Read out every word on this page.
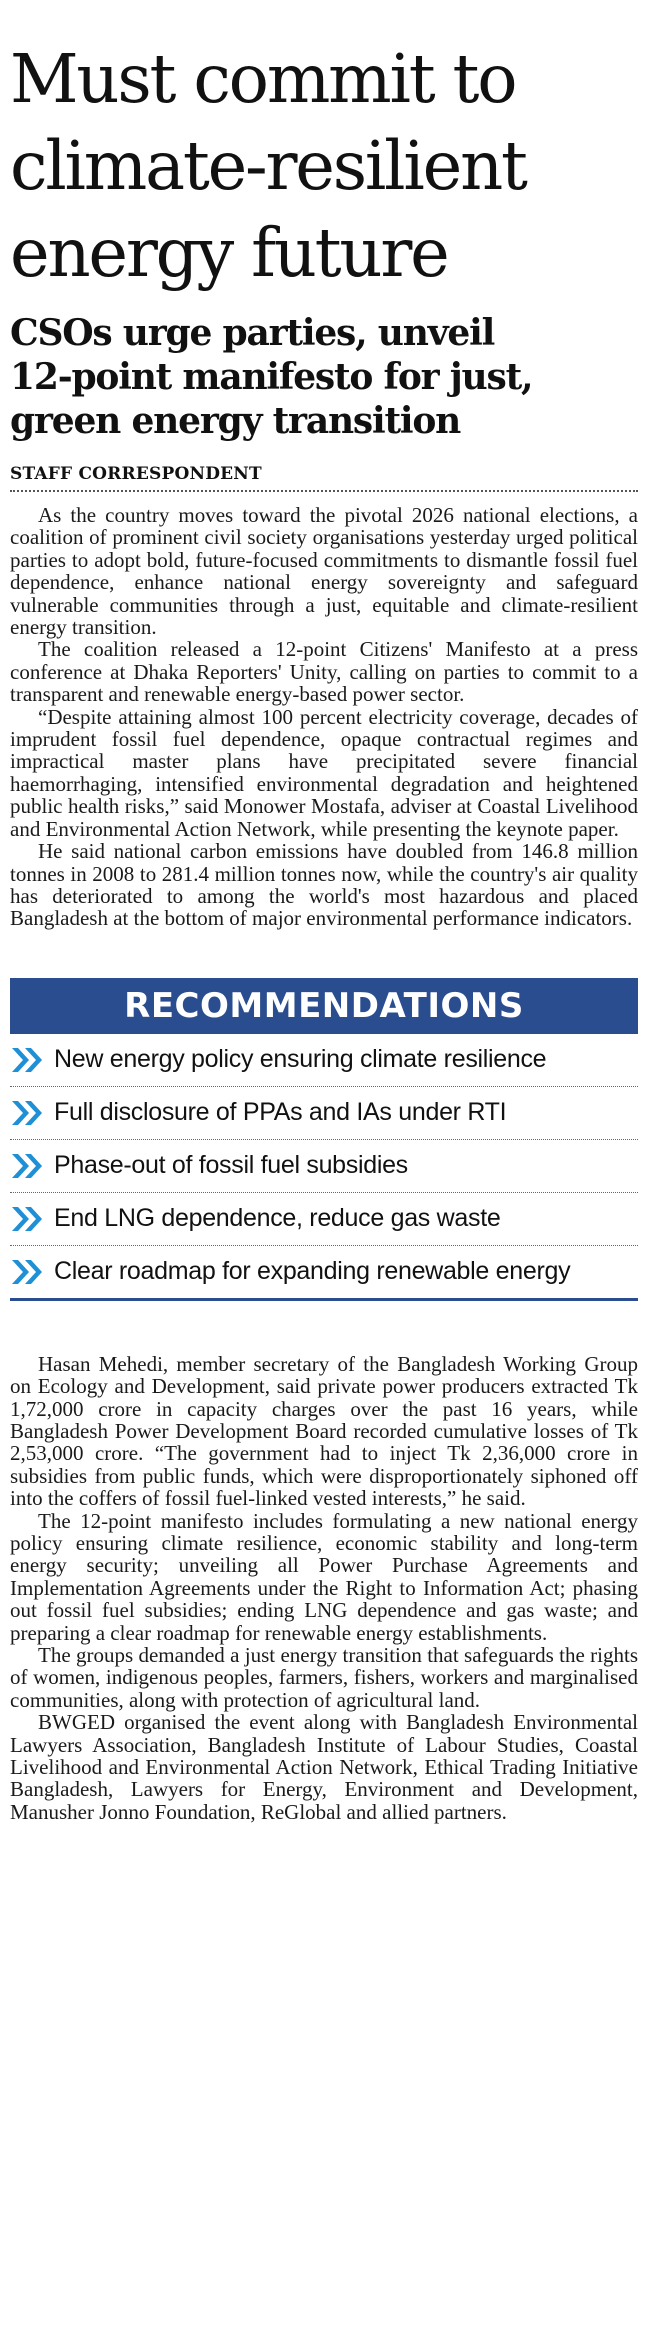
Must commit to
climate-resilient
energy future
CSOs urge parties, unveil
12-point manifesto for just,
green energy transition
STAFF CORRESPONDENT

As the country moves toward the pivotal 2026 national elections, a coalition of prominent civil society organisations yesterday urged political parties to adopt bold, future-focused commitments to dismantle fossil fuel dependence, enhance national energy sovereignty and safeguard vulnerable communities through a just, equitable and climate-resilient energy transition.

The coalition released a 12-point Citizens' Manifesto at a press conference at Dhaka Reporters' Unity, calling on parties to commit to a transparent and renewable energy-based power sector.

“Despite attaining almost 100 percent electricity coverage, decades of imprudent fossil fuel dependence, opaque contractual regimes and impractical master plans have precipitated severe financial haemorrhaging, intensified environmental degradation and heightened public health risks,” said Monower Mostafa, adviser at Coastal Livelihood and Environmental Action Network, while presenting the keynote paper.

He said national carbon emissions have doubled from 146.8 million tonnes in 2008 to 281.4 million tonnes now, while the country's air quality has deteriorated to among the world's most hazardous and placed Bangladesh at the bottom of major environmental performance indicators.

RECOMMENDATIONS
New energy policy ensuring climate resilience
Full disclosure of PPAs and IAs under RTI
Phase-out of fossil fuel subsidies
End LNG dependence, reduce gas waste
Clear roadmap for expanding renewable energy

Hasan Mehedi, member secretary of the Bangladesh Working Group on Ecology and Development, said private power producers extracted Tk 1,72,000 crore in capacity charges over the past 16 years, while Bangladesh Power Development Board recorded cumulative losses of Tk 2,53,000 crore. “The government had to inject Tk 2,36,000 crore in subsidies from public funds, which were disproportionately siphoned off into the coffers of fossil fuel-linked vested interests,” he said.

The 12-point manifesto includes formulating a new national energy policy ensuring climate resilience, economic stability and long-term energy security; unveiling all Power Purchase Agreements and Implementation Agreements under the Right to Information Act; phasing out fossil fuel subsidies; ending LNG dependence and gas waste; and preparing a clear roadmap for renewable energy establishments.

The groups demanded a just energy transition that safeguards the rights of women, indigenous peoples, farmers, fishers, workers and marginalised communities, along with protection of agricultural land.

BWGED organised the event along with Bangladesh Environmental Lawyers Association, Bangladesh Institute of Labour Studies, Coastal Livelihood and Environmental Action Network, Ethical Trading Initiative Bangladesh, Lawyers for Energy, Environment and Development, Manusher Jonno Foundation, ReGlobal and allied partners.
